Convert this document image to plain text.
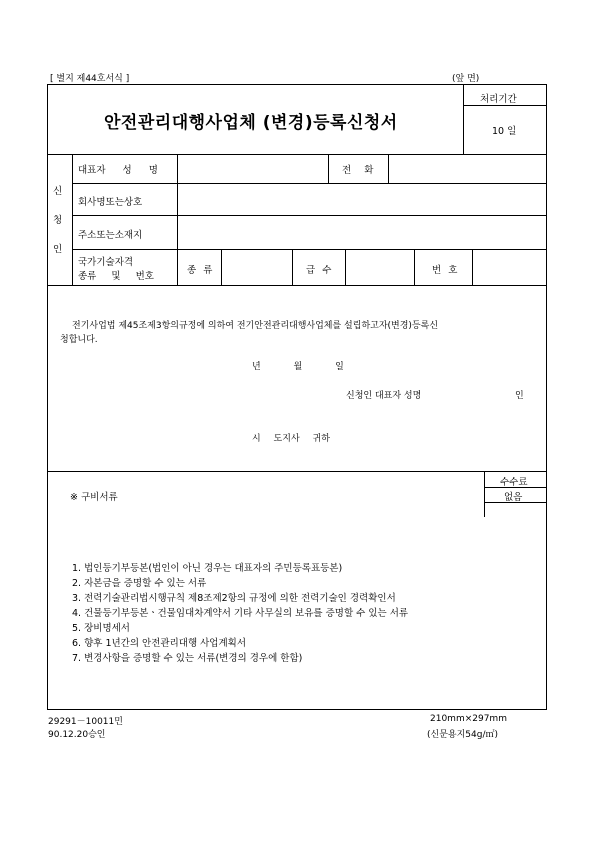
[ 별지 제44호서식 ]	(앞 면)
안전관리대행사업체 (변경)등록신청서
처리기간
10 일
신
청
인
대표자 성 명	전 화
회사명또는상호
주소또는소재지
국가기술자격
종류 및 번호
종 류	급 수	번 호
전기사업법 제45조제3항의규정에 의하여 전기안전관리대행사업체를 설립하고자(변경)등록신
청합니다.
년 월 일
신청인 대표자 성명	인
시 도지사 귀하
수수료
없음
※ 구비서류
1. 법인등기부등본(법인이 아닌 경우는 대표자의 주민등록표등본)
2. 자본금을 증명할 수 있는 서류
3. 전력기술관리법시행규칙 제8조제2항의 규정에 의한 전력기술인 경력확인서
4. 건물등기부등본ㆍ건물임대차계약서 기타 사무실의 보유를 증명할 수 있는 서류
5. 장비명세서
6. 향후 1년간의 안전관리대행 사업계획서
7. 변경사항을 증명할 수 있는 서류(변경의 경우에 한함)
29291－10011민
90.12.20승인
210mm×297mm
(신문용지54g/㎡)
